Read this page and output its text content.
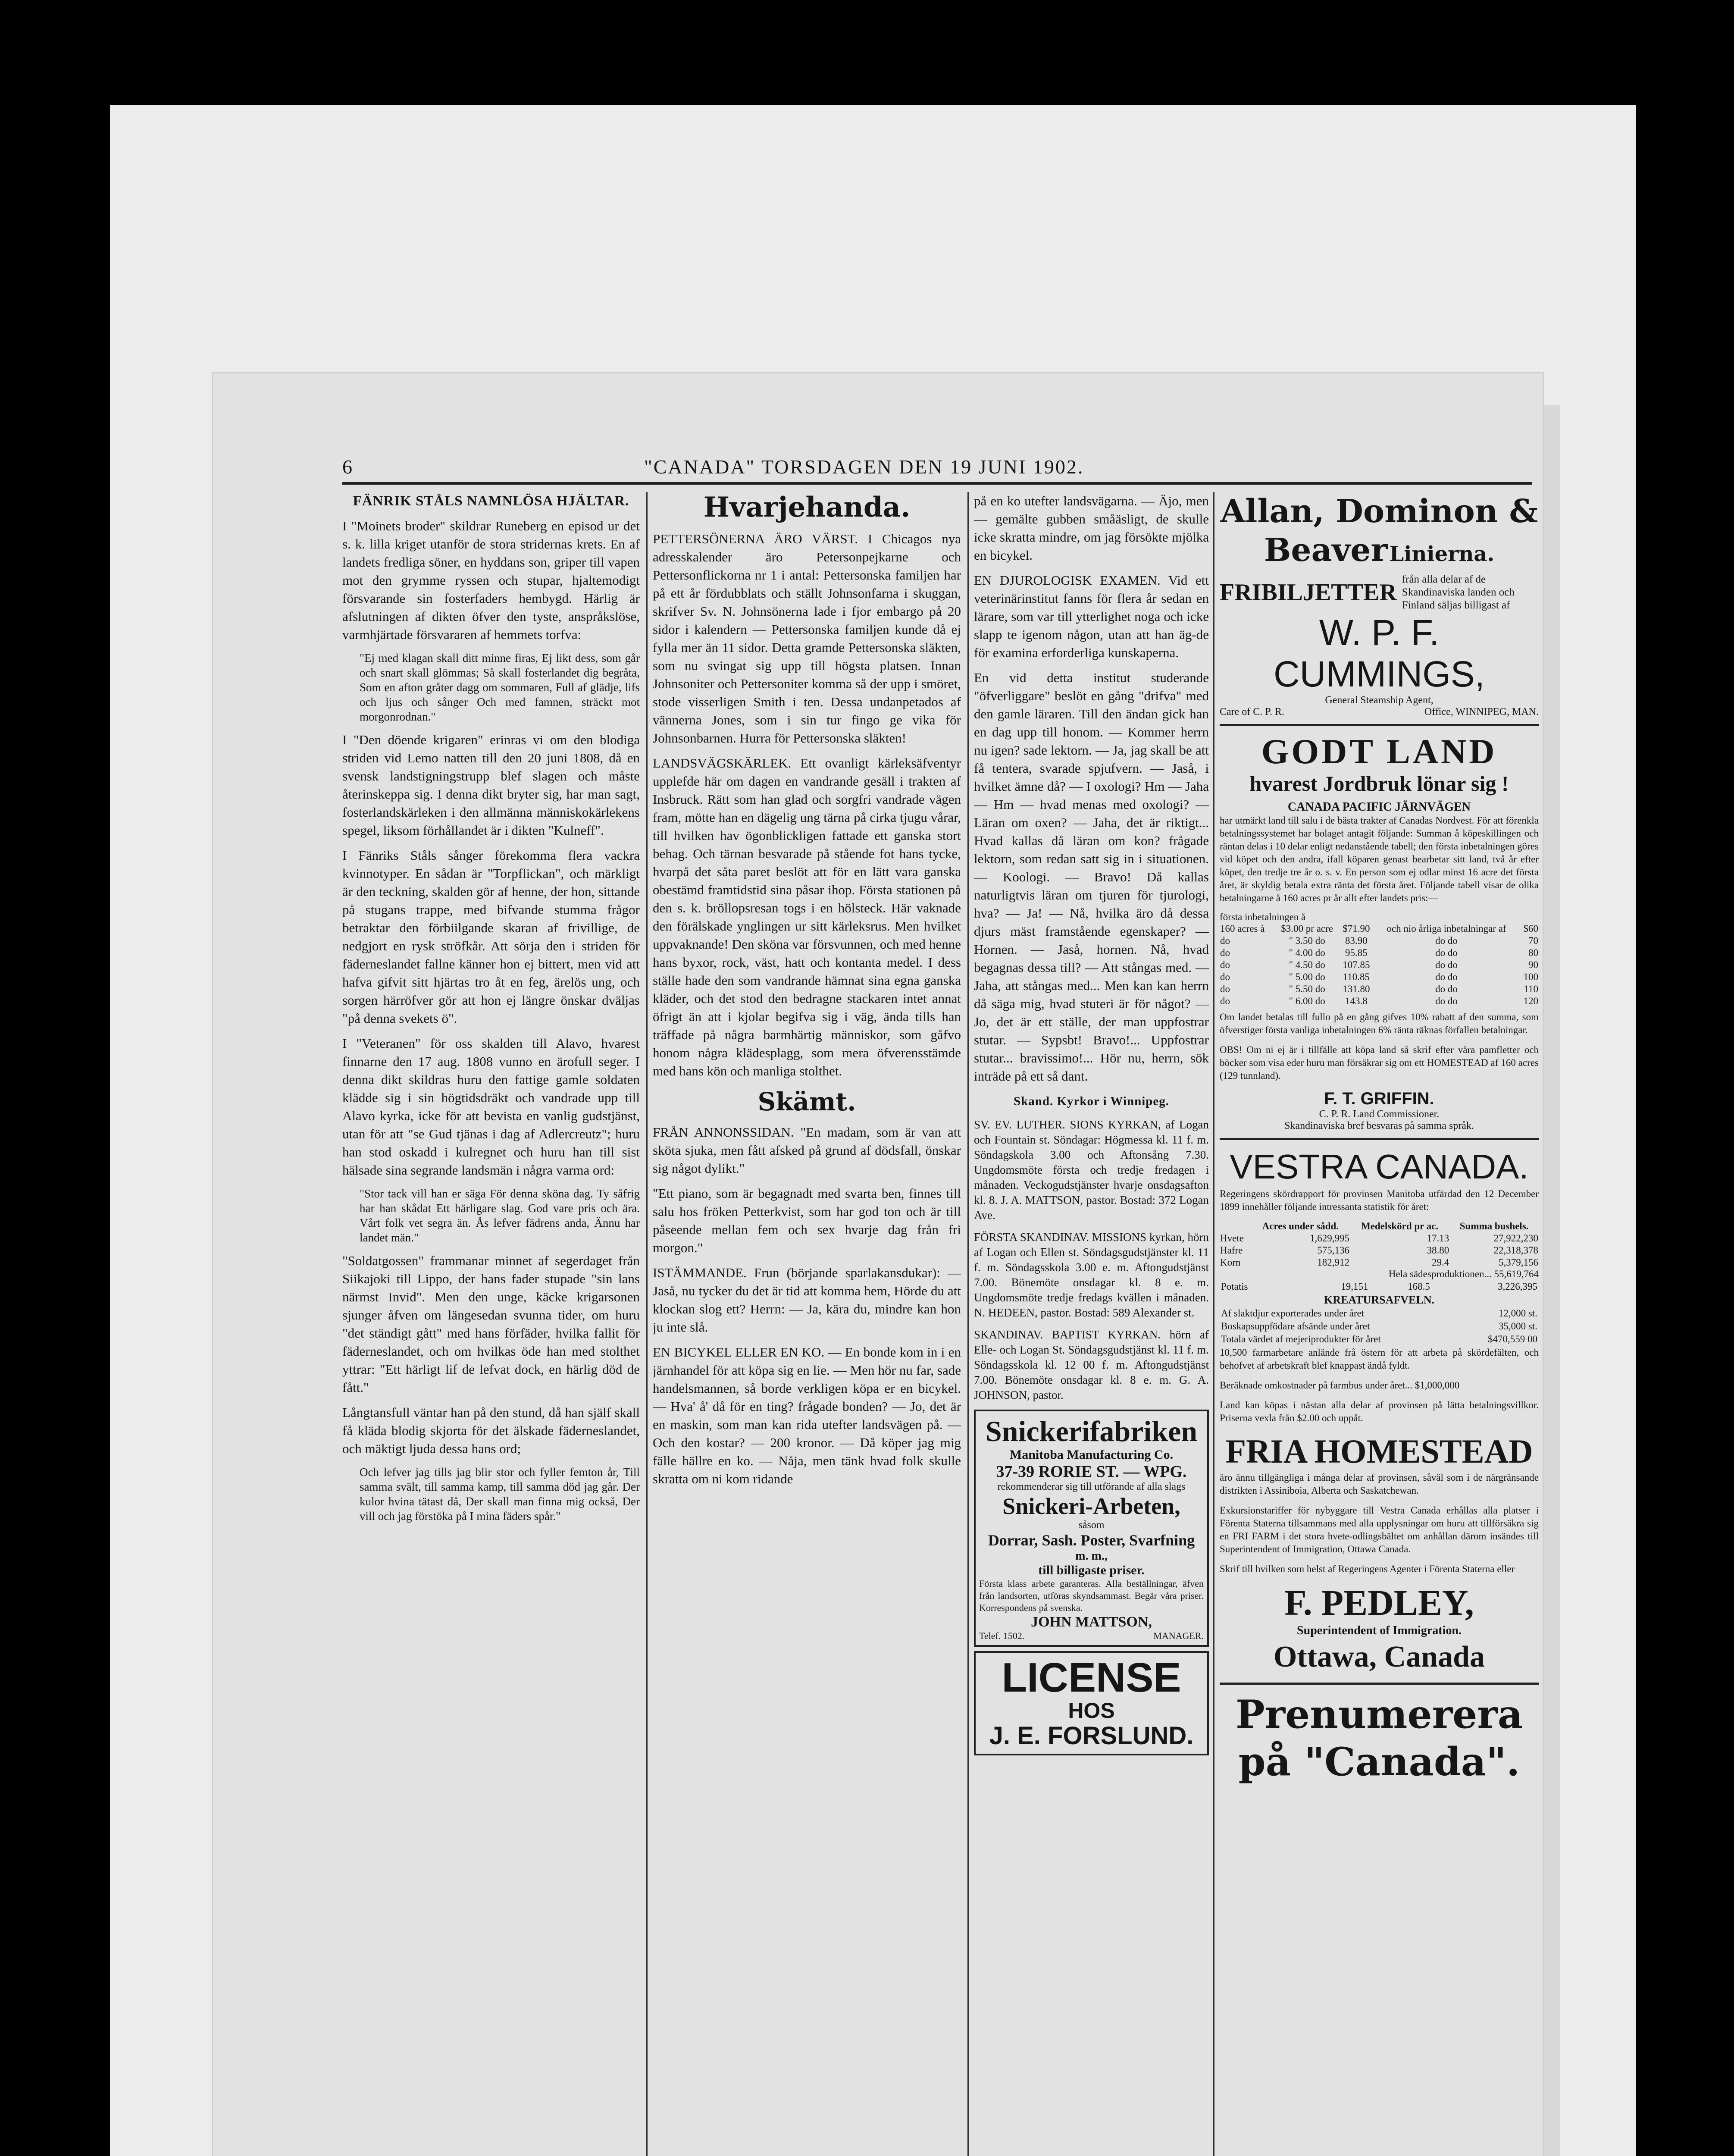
6	"CANADA" TORSDAGEN DEN 19 JUNI 1902.

FÄNRIK STÅLS NAMNLÖSA HJÄLTAR.

I "Moinets broder" skildrar Runeberg en episod ur det s. k. lilla kriget utanför de stora stridernas krets. En af landets fredliga söner, en hyddans son, griper till vapen mot den grymme ryssen och stupar, hjaltemodigt försvarande sin fosterfaders hembygd. Härlig är afslutningen af dikten öfver den tyste, anspråkslöse, varmhjärtade försvararen af hemmets torfva:

"Ej med klagan skall ditt minne firas, Ej likt dess, som går och snart skall glömmas; Så skall fosterlandet dig begråta, Som en afton gråter dagg om sommaren, Full af glädje, lifs och ljus och sånger Och med famnen, sträckt mot morgonrodnan."

I "Den döende krigaren" erinras vi om den blodiga striden vid Lemo natten till den 20 juni 1808, då en svensk landstigningstrupp blef slagen och måste återinskeppa sig. I denna dikt bryter sig, har man sagt, fosterlandskärleken i den allmänna människokärlekens spegel, liksom förhållandet är i dikten "Kulneff".

I Fänriks Ståls sånger förekomma flera vackra kvinnotyper. En sådan är "Torpflickan", och märkligt är den teckning, skalden gör af henne, der hon, sittande på stugans trappe, med bifvande stumma frågor betraktar den förbiilgande skaran af frivillige, de nedgjort en rysk ströfkår. Att sörja den i striden för fäderneslandet fallne känner hon ej bittert, men vid att hafva gifvit sitt hjärtas tro åt en feg, ärelös ung, och sorgen härröfver gör att hon ej längre önskar dväljas "på denna svekets ö".

I "Veteranen" för oss skalden till Alavo, hvarest finnarne den 17 aug. 1808 vunno en ärofull seger. I denna dikt skildras huru den fattige gamle soldaten klädde sig i sin högtidsdräkt och vandrade upp till Alavo kyrka, icke för att bevista en vanlig gudstjänst, utan för att "se Gud tjänas i dag af Adlercreutz"; huru han stod oskadd i kulregnet och huru han till sist hälsade sina segrande landsmän i några varma ord:

"Stor tack vill han er säga För denna sköna dag. Ty såfrig har han skådat Ett härligare slag. God vare pris och ära. Vårt folk vet segra än. Ås lefver fädrens anda, Ännu har landet män."

"Soldatgossen" frammanar minnet af segerdaget från Siikajoki till Lippo, der hans fader stupade "sin lans närmst Invid". Men den unge, käcke krigarsonen sjunger åfven om längesedan svunna tider, om huru "det ständigt gått" med hans förfäder, hvilka fallit för fäderneslandet, och om hvilkas öde han med stolthet yttrar: "Ett härligt lif de lefvat dock, en härlig död de fått."

Långtansfull väntar han på den stund, då han själf skall få kläda blodig skjorta för det älskade fäderneslandet, och mäktigt ljuda dessa hans ord;

Och lefver jag tills jag blir stor och fyller femton år, Till samma svält, till samma kamp, till samma död jag går. Der kulor hvina tätast då, Der skall man finna mig också, Der vill och jag förstöka på I mina fäders spår."

Hvarjehanda.

PETTERSÖNERNA ÄRO VÄRST. I Chicagos nya adresskalender äro Petersonpejkarne och Pettersonflickorna nr 1 i antal: Pettersonska familjen har på ett år fördubblats och ställt Johnsonfarna i skuggan, skrifver Sv. N. Johnsönerna lade i fjor embargo på 20 sidor i kalendern — Pettersonska familjen kunde då ej fylla mer än 11 sidor. Detta gramde Pettersonska släkten, som nu svingat sig upp till högsta platsen. Innan Johnsoniter och Pettersoniter komma så der upp i smöret, stode visserligen Smith i ten. Dessa undanpetados af vännerna Jones, som i sin tur fingo ge vika för Johnsonbarnen. Hurra för Pettersonska släkten!

LANDSVÄGSKÄRLEK. Ett ovanligt kärleksäfventyr upplefde här om dagen en vandrande gesäll i trakten af Insbruck. Rätt som han glad och sorgfri vandrade vägen fram, mötte han en dägelig ung tärna på cirka tjugu vårar, till hvilken hav ögonblickligen fattade ett ganska stort behag. Och tärnan besvarade på stående fot hans tycke, hvarpå det såta paret beslöt att för en lätt vara ganska obestämd framtidstid sina påsar ihop. Första stationen på den s. k. bröllopsresan togs i en hölsteck. Här vaknade den förälskade ynglingen ur sitt kärleksrus. Men hvilket uppvaknande! Den sköna var försvunnen, och med henne hans byxor, rock, väst, hatt och kontanta medel. I dess ställe hade den som vandrande hämnat sina egna ganska kläder, och det stod den bedragne stackaren intet annat öfrigt än att i kjolar begifva sig i väg, ända tills han träffade på några barmhärtig människor, som gåfvo honom några klädesplagg, som mera öfverensstämde med hans kön och manliga stolthet.

Skämt.

FRÅN ANNONSSIDAN. "En madam, som är van att sköta sjuka, men fått afsked på grund af dödsfall, önskar sig något dylikt."

"Ett piano, som är begagnadt med svarta ben, finnes till salu hos fröken Petterkvist, som har god ton och är till påseende mellan fem och sex hvarje dag från fri morgon."

ISTÄMMANDE. Frun (börjande sparlakansdukar): — Jaså, nu tycker du det är tid att komma hem, Hörde du att klockan slog ett? Herrn: — Ja, kära du, mindre kan hon ju inte slå.

EN BICYKEL ELLER EN KO. — En bonde kom in i en järnhandel för att köpa sig en lie. — Men hör nu far, sade handelsmannen, så borde verkligen köpa er en bicykel. — Hva' å' då för en ting? frågade bonden? — Jo, det är en maskin, som man kan rida utefter landsvägen på. — Och den kostar? — 200 kronor. — Då köper jag mig fälle hällre en ko. — Nåja, men tänk hvad folk skulle skratta om ni kom ridande

på en ko utefter landsvägarna. — Äjo, men — gemälte gubben småäsligt, de skulle icke skratta mindre, om jag försökte mjölka en bicykel.

EN DJUROLOGISK EXAMEN. Vid ett veterinärinstitut fanns för flera år sedan en lärare, som var till ytterlighet noga och icke slapp te igenom någon, utan att han äg-de för examina erforderliga kunskaperna.

En vid detta institut studerande "öfverliggare" beslöt en gång "drifva" med den gamle läraren. Till den ändan gick han en dag upp till honom. — Kommer herrn nu igen? sade lektorn. — Ja, jag skall be att få tentera, svarade spjufvern. — Jaså, i hvilket ämne då? — I oxologi? Hm — Jaha — Hm — hvad menas med oxologi? — Läran om oxen? — Jaha, det är riktigt... Hvad kallas då läran om kon? frågade lektorn, som redan satt sig in i situationen. — Koologi. — Bravo! Då kallas naturligtvis läran om tjuren för tjurologi, hva? — Ja! — Nå, hvilka äro då dessa djurs mäst framstående egenskaper? — Hornen. — Jaså, hornen. Nå, hvad begagnas dessa till? — Att stångas med. — Jaha, att stångas med... Men kan kan herrn då säga mig, hvad stuteri är för något? — Jo, det är ett ställe, der man uppfostrar stutar. — Sypsbt! Bravo!... Uppfostrar stutar... bravissimo!... Hör nu, herrn, sök inträde på ett så dant.

Skand. Kyrkor i Winnipeg.

SV. EV. LUTHER. SIONS KYRKAN, af Logan och Fountain st. Söndagar: Högmessa kl. 11 f. m. Söndagskola 3.00 och Aftonsång 7.30. Ungdomsmöte första och tredje fredagen i månaden. Veckogudstjänster hvarje onsdagsafton kl. 8. J. A. MATTSON, pastor. Bostad: 372 Logan Ave.

FÖRSTA SKANDINAV. MISSIONS kyrkan, hörn af Logan och Ellen st. Söndagsgudstjänster kl. 11 f. m. Söndagsskola 3.00 e. m. Aftongudstjänst 7.00. Bönemöte onsdagar kl. 8 e. m. Ungdomsmöte tredje fredags kvällen i månaden. N. HEDEEN, pastor. Bostad: 589 Alexander st.

SKANDINAV. BAPTIST KYRKAN. hörn af Elle- och Logan St. Söndagsgudstjänst kl. 11 f. m. Söndagsskola kl. 12 00 f. m. Aftongudstjänst 7.00. Bönemöte onsdagar kl. 8 e. m. G. A. JOHNSON, pastor.

Snickerifabriken
Manitoba Manufacturing Co.
37-39 RORIE ST. — WPG.
rekommenderar sig till utförande af alla slags
Snickeri-Arbeten,
såsom
Dorrar, Sash. Poster, Svarfning
m. m.,
till billigaste priser.
Första klass arbete garanteras. Alla beställningar, äfven från landsorten, utföras skyndsammast. Begär våra priser. Korrespondens på svenska.
JOHN MATTSON,
Telef. 1502.	MANAGER.
LICENSE
HOS
J. E. FORSLUND.
Allan, Dominon &
Beaver Linierna.
FRIBILJETTER från alla delar af de Skandinaviska landen och Finland säljas billigast af
W. P. F. CUMMINGS,
General Steamship Agent,
Care of C. P. R.	Office, WINNIPEG, MAN.
GODT LAND
hvarest Jordbruk lönar sig !
CANADA PACIFIC JÄRNVÄGEN

har utmärkt land till salu i de bästa trakter af Canadas Nordvest. För att förenkla betalningssystemet har bolaget antagit följande: Summan å köpeskillingen och räntan delas i 10 delar enligt nedanstående tabell; den första inbetalningen göres vid köpet och den andra, ifall köparen genast bearbetar sitt land, två år efter köpet, den tredje tre år o. s. v. En person som ej odlar minst 16 acre det första året, är skyldig betala extra ränta det första året. Följande tabell visar de olika betalningarne å 160 acres pr år allt efter landets pris:—

första inbetalningen å
160 acres à	$3.00 pr acre	$71.90	och nio årliga inbetalningar af	$60
do	" 3.50 do	83.90	do do	70
do	" 4.00 do	95.85	do do	80
do	" 4.50 do	107.85	do do	90
do	" 5.00 do	110.85	do do	100
do	" 5.50 do	131.80	do do	110
do	" 6.00 do	143.8	do do	120

Om landet betalas till fullo på en gång gifves 10% rabatt af den summa, som öfverstiger första vanliga inbetalningen 6% ränta räknas förfallen betalningar.

OBS! Om ni ej är i tillfälle att köpa land så skrif efter våra pamfletter och böcker som visa eder huru man försäkrar sig om ett HOMESTEAD af 160 acres (129 tunnland).

F. T. GRIFFIN.
C. P. R. Land Commissioner.
Skandinaviska bref besvaras på samma språk.
VESTRA CANADA.

Regeringens skördrapport för provinsen Manitoba utfärdad den 12 December 1899 innehåller följande intressanta statistik för året:

	Acres under sådd.	Medelskörd pr ac.	Summa bushels.
Hvete	1,629,995	17.13	27,922,230
Hafre	575,136	38.80	22,318,378
Korn	182,912	29.4	5,379,156
Hela sädesproduktionen... 55,619,764
Potatis	19,151	168.5	3,226,395
KREATURSAFVELN.
Af slaktdjur exporterades under året	12,000 st.
Boskapsuppfödare afsände under året	35,000 st.
Totala värdet af mejeriprodukter för året	$470,559 00

10,500 farmarbetare anlände frå östern för att arbeta på skördefälten, och behofvet af arbetskraft blef knappast ändå fyldt.

Beräknade omkostnader på farmbus under året... $1,000,000

Land kan köpas i nästan alla delar af provinsen på lätta betalningsvillkor. Priserna vexla från $2.00 och uppåt.

FRIA HOMESTEAD

äro ännu tillgängliga i många delar af provinsen, såväl som i de närgränsande distrikten i Assiniboia, Alberta och Saskatchewan.

Exkursionstariffer för nybyggare till Vestra Canada erhållas alla platser i Förenta Staterna tillsammans med alla upplysningar om huru att tillförsäkra sig en FRI FARM i det stora hvete-odlingsbältet om anhållan därom insändes till Superintendent of Immigration, Ottawa Canada.

Skrif till hvilken som helst af Regeringens Agenter i Förenta Staterna eller

F. PEDLEY,
Superintendent of Immigration.
Ottawa, Canada
Prenumerera
på "Canada".
